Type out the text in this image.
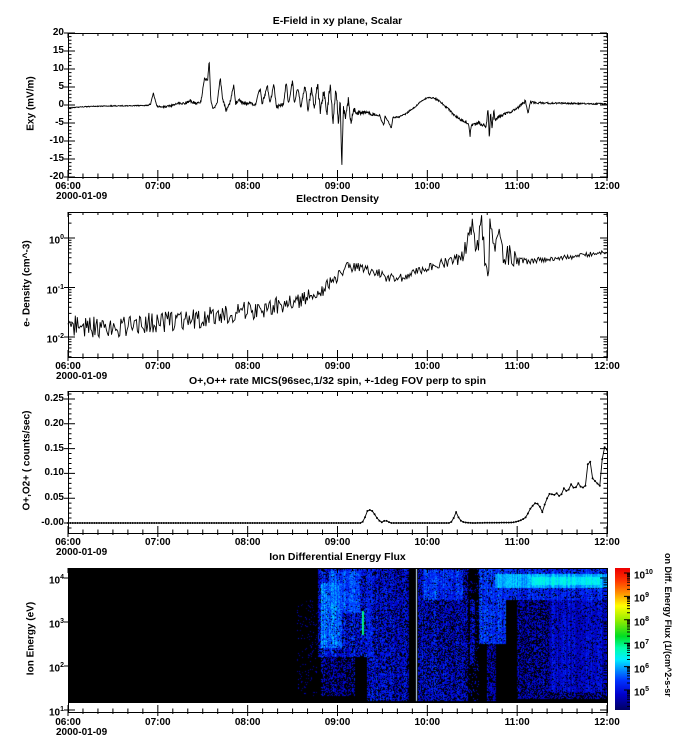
06:00	07:00	08:00	09:00	10:00	11:00	12:00
06:00	07:00	08:00	09:00	10:00	11:00	12:00
06:00	07:00	08:00	09:00	10:00	11:00	12:00
06:00	07:00	08:00	09:00	10:00	11:00	12:00
20
15
10
5
0
-5
-10
-15
-20
$10^0$
$10^{-1}$
$10^{-2}$
0.25
0.20
0.15
0.10
0.05
-0.00
$10^4$
$10^3$
$10^2$
$10^1$
$10^{10}$
$10^9$
$10^8$
$10^7$
$10^6$
$10^5$
E-Field in xy plane, Scalar
Electron Density
O+,O++ rate MICS(96sec,1/32 spin, +-1deg FOV perp to spin
Ion Differential Energy Flux
Exy (mV/m)
e- Density (cm^-3)
O+,O2+ ( counts/sec)
Ion Energy (eV)
2000-01-09
2000-01-09
2000-01-09
2000-01-09
on Diff. Energy Flux (1/(cm^2-s-sr
